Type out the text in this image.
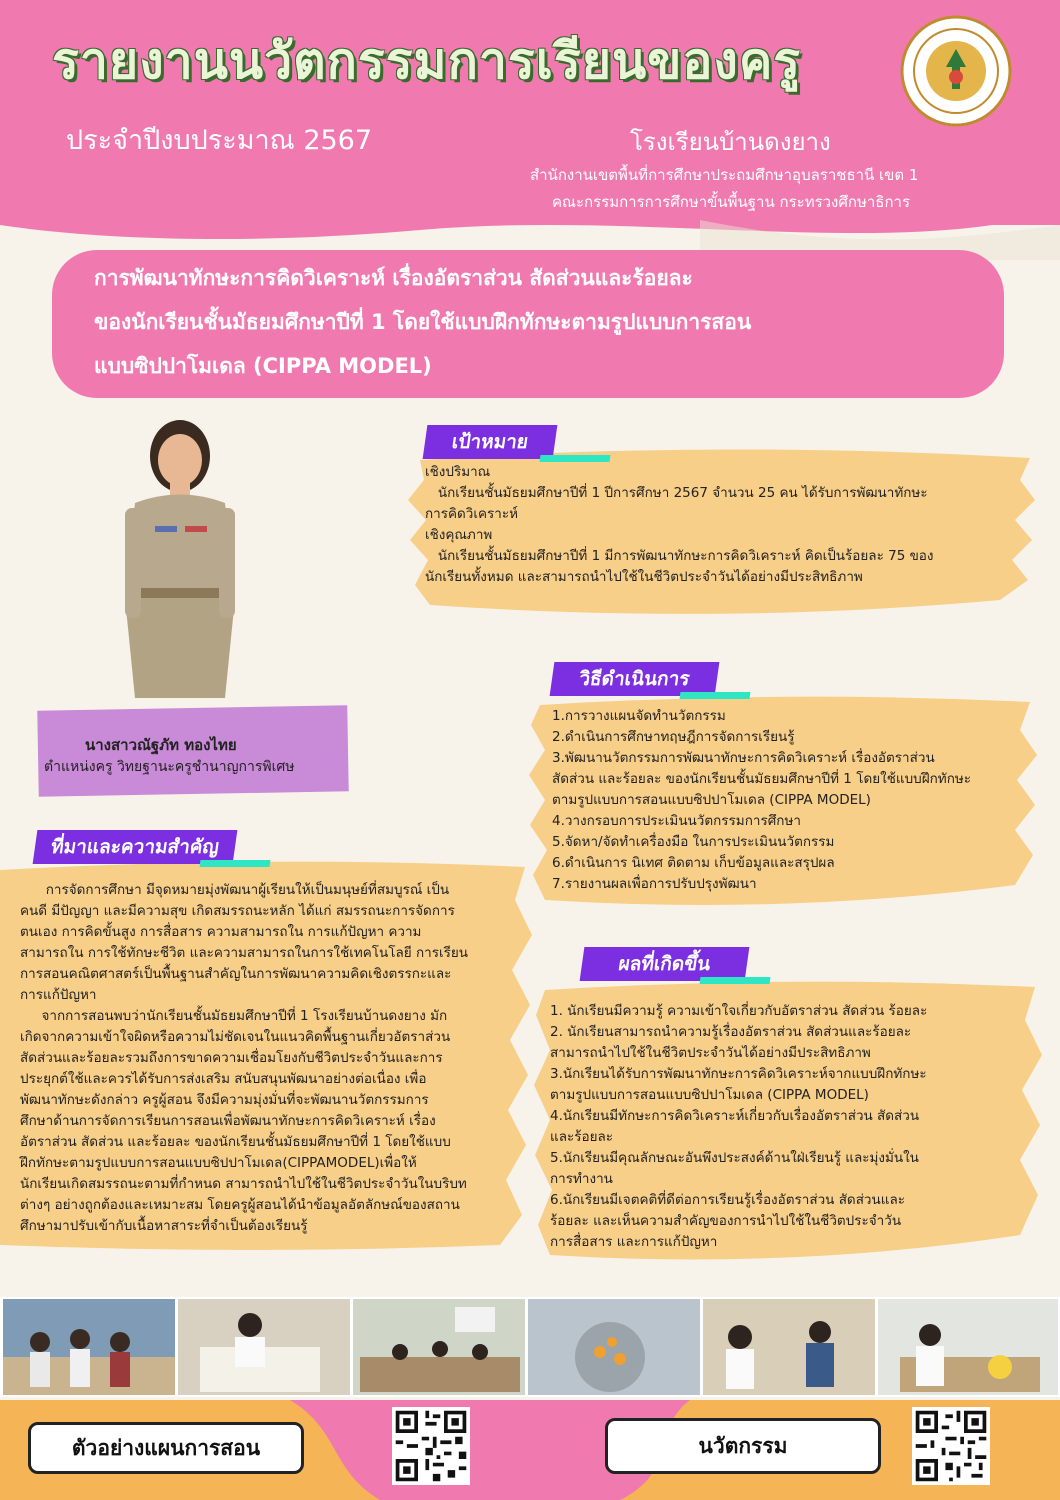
รายงานนวัตกรรมการเรียนของครู
ประจำปีงบประมาณ 2567	โรงเรียนบ้านดงยาง
สำนักงานเขตพื้นที่การศึกษาประถมศึกษาอุบลราชธานี เขต 1
คณะกรรมการการศึกษาขั้นพื้นฐาน กระทรวงศึกษาธิการ
การพัฒนาทักษะการคิดวิเคราะห์ เรื่องอัตราส่วน สัดส่วนและร้อยละ
ของนักเรียนชั้นมัธยมศึกษาปีที่ 1 โดยใช้แบบฝึกทักษะตามรูปแบบการสอน
แบบซิปปาโมเดล (CIPPA MODEL)
นางสาวณัฐภัท ทองไทย
ตำแหน่งครู วิทยฐานะครูชำนาญการพิเศษ
เป้าหมาย
เชิงปริมาณ
นักเรียนชั้นมัธยมศึกษาปีที่ 1 ปีการศึกษา 2567 จำนวน 25 คน ได้รับการพัฒนาทักษะ
การคิดวิเคราะห์
เชิงคุณภาพ
นักเรียนชั้นมัธยมศึกษาปีที่ 1 มีการพัฒนาทักษะการคิดวิเคราะห์ คิดเป็นร้อยละ 75 ของ
นักเรียนทั้งหมด และสามารถนำไปใช้ในชีวิตประจำวันได้อย่างมีประสิทธิภาพ
วิธีดำเนินการ
1.การวางแผนจัดทำนวัตกรรม
2.ดำเนินการศึกษาทฤษฎีการจัดการเรียนรู้
3.พัฒนานวัตกรรมการพัฒนาทักษะการคิดวิเคราะห์ เรื่องอัตราส่วน
สัดส่วน และร้อยละ ของนักเรียนชั้นมัธยมศึกษาปีที่ 1 โดยใช้แบบฝึกทักษะ
ตามรูปแบบการสอนแบบซิปปาโมเดล (CIPPA MODEL)
4.วางกรอบการประเมินนวัตกรรมการศึกษา
5.จัดหา/จัดทำเครื่องมือ ในการประเมินนวัตกรรม
6.ดำเนินการ นิเทศ ติดตาม เก็บข้อมูลและสรุปผล
7.รายงานผลเพื่อการปรับปรุงพัฒนา
ที่มาและความสำคัญ
การจัดการศึกษา มีจุดหมายมุ่งพัฒนาผู้เรียนให้เป็นมนุษย์ที่สมบูรณ์ เป็น
คนดี มีปัญญา และมีความสุข เกิดสมรรถนะหลัก ได้แก่ สมรรถนะการจัดการ
ตนเอง การคิดขั้นสูง การสื่อสาร ความสามารถใน การแก้ปัญหา ความ
สามารถใน การใช้ทักษะชีวิต และความสามารถในการใช้เทคโนโลยี การเรียน
การสอนคณิตศาสตร์เป็นพื้นฐานสำคัญในการพัฒนาความคิดเชิงตรรกะและ
การแก้ปัญหา
จากการสอนพบว่านักเรียนชั้นมัธยมศึกษาปีที่ 1 โรงเรียนบ้านดงยาง มัก
เกิดจากความเข้าใจผิดหรือความไม่ชัดเจนในแนวคิดพื้นฐานเกี่ยวอัตราส่วน
สัดส่วนและร้อยละรวมถึงการขาดความเชื่อมโยงกับชีวิตประจำวันและการ
ประยุกต์ใช้และควรได้รับการส่งเสริม สนับสนุนพัฒนาอย่างต่อเนื่อง เพื่อ
พัฒนาทักษะดังกล่าว ครูผู้สอน จึงมีความมุ่งมั่นที่จะพัฒนานวัตกรรมการ
ศึกษาด้านการจัดการเรียนการสอนเพื่อพัฒนาทักษะการคิดวิเคราะห์ เรื่อง
อัตราส่วน สัดส่วน และร้อยละ ของนักเรียนชั้นมัธยมศึกษาปีที่ 1 โดยใช้แบบ
ฝึกทักษะตามรูปแบบการสอนแบบซิปปาโมเดล(CIPPAMODEL)เพื่อให้
นักเรียนเกิดสมรรถนะตามที่กำหนด สามารถนำไปใช้ในชีวิตประจำวันในบริบท
ต่างๆ อย่างถูกต้องและเหมาะสม โดยครูผู้สอนได้นำข้อมูลอัตลักษณ์ของสถาน
ศึกษามาปรับเข้ากับเนื้อหาสาระที่จำเป็นต้องเรียนรู้
ผลที่เกิดขึ้น
1. นักเรียนมีความรู้ ความเข้าใจเกี่ยวกับอัตราส่วน สัดส่วน ร้อยละ
2. นักเรียนสามารถนำความรู้เรื่องอัตราส่วน สัดส่วนและร้อยละ
สามารถนำไปใช้ในชีวิตประจำวันได้อย่างมีประสิทธิภาพ
3.นักเรียนได้รับการพัฒนาทักษะการคิดวิเคราะห์จากแบบฝึกทักษะ
ตามรูปแบบการสอนแบบซิปปาโมเดล (CIPPA MODEL)
4.นักเรียนมีทักษะการคิดวิเคราะห์เกี่ยวกับเรื่องอัตราส่วน สัดส่วน
และร้อยละ
5.นักเรียนมีคุณลักษณะอันพึงประสงค์ด้านใฝ่เรียนรู้ และมุ่งมั่นใน
การทำงาน
6.นักเรียนมีเจตคติที่ดีต่อการเรียนรู้เรื่องอัตราส่วน สัดส่วนและ
ร้อยละ และเห็นความสำคัญของการนำไปใช้ในชีวิตประจำวัน
การสื่อสาร และการแก้ปัญหา
ตัวอย่างแผนการสอน	นวัตกรรม
